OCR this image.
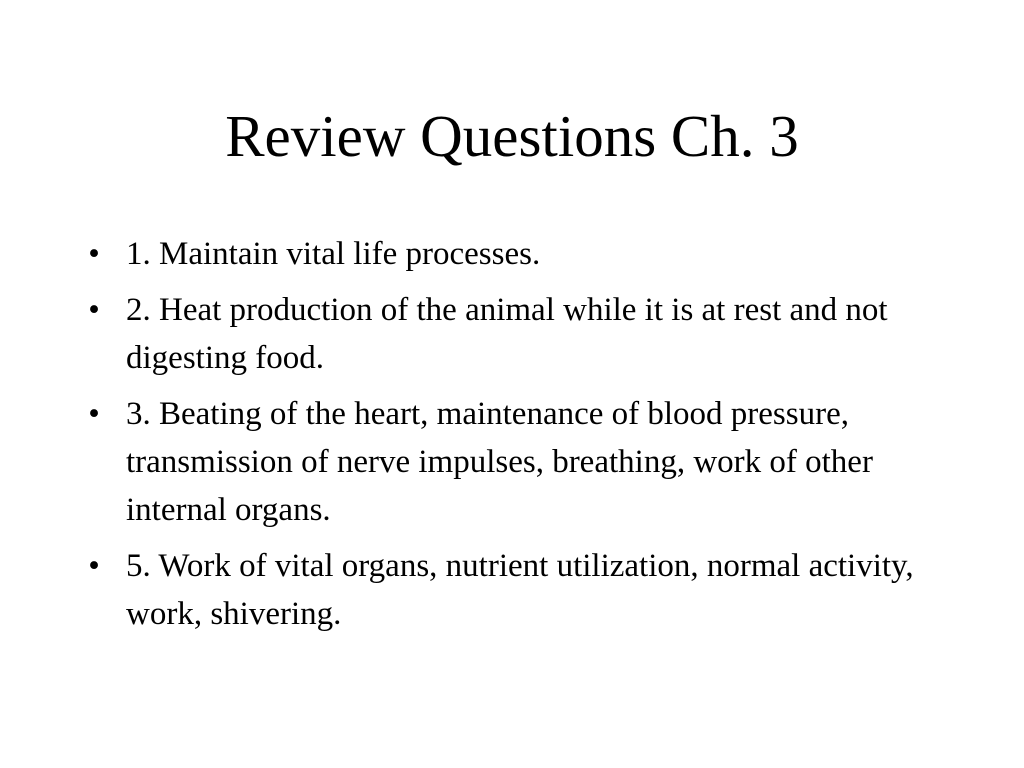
Review Questions Ch. 3
• 1. Maintain vital life processes.
• 2. Heat production of the animal while it is at rest and not digesting food.
• 3. Beating of the heart, maintenance of blood pressure, transmission of nerve impulses, breathing, work of other internal organs.
• 5. Work of vital organs, nutrient utilization, normal activity, work, shivering.
